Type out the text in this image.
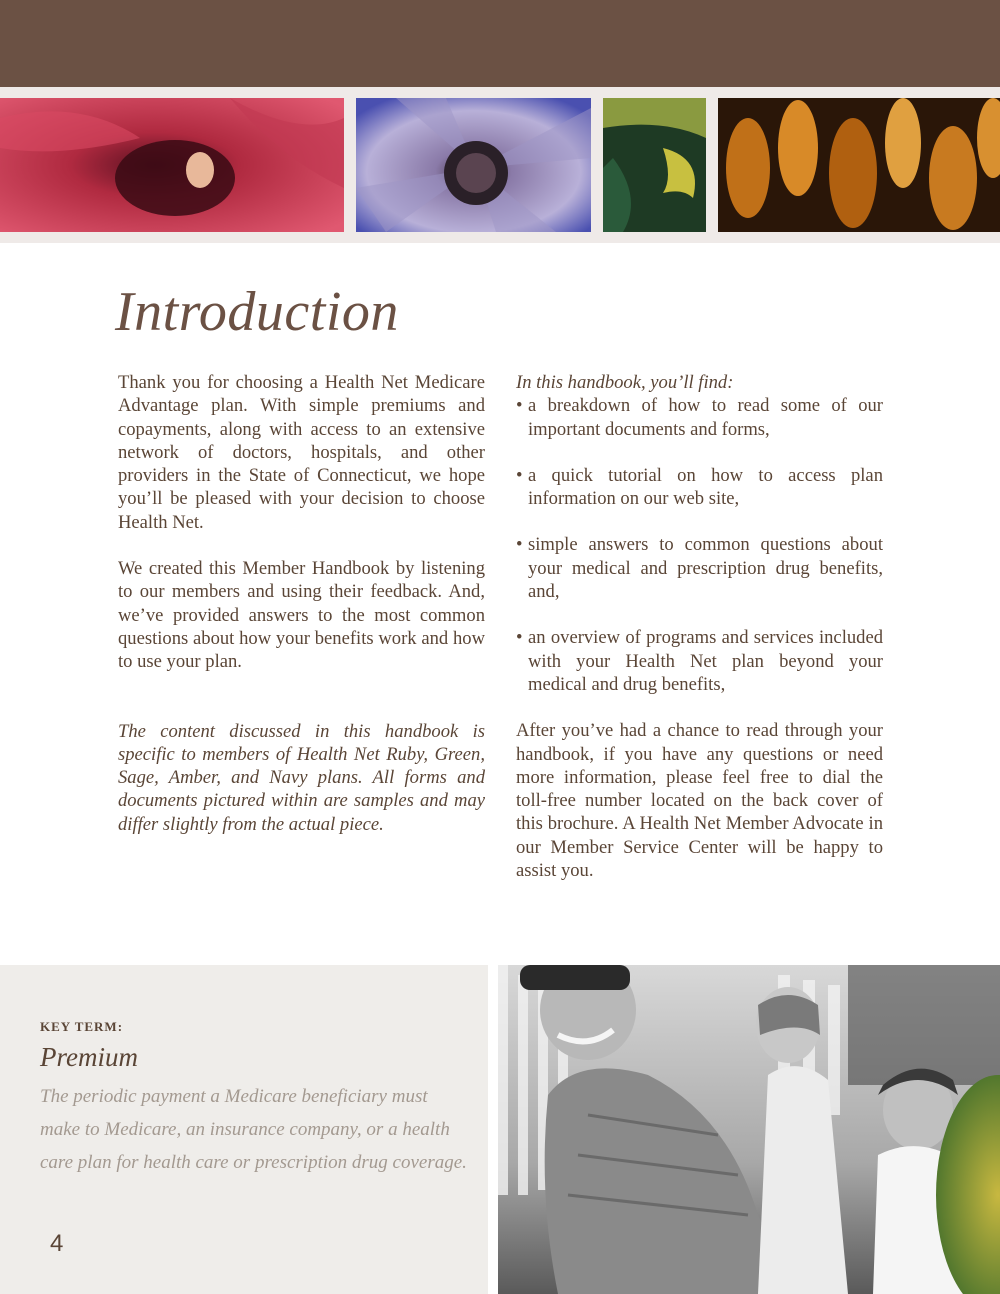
Introduction

Thank you for choosing a Health Net Medicare Advantage plan. With simple premiums and copayments, along with access to an extensive network of doctors, hospitals, and other providers in the State of Connecticut, we hope you’ll be pleased with your decision to choose Health Net.

We created this Member Handbook by listening to our members and using their feedback. And, we’ve provided answers to the most common questions about how your benefits work and how to use your plan.

The content discussed in this handbook is specific to members of Health Net Ruby, Green, Sage, Amber, and Navy plans. All forms and documents pictured within are samples and may differ slightly from the actual piece.

In this handbook, you’ll find:

• a breakdown of how to read some of our important documents and forms,
• a quick tutorial on how to access plan information on our web site,
• simple answers to common questions about your medical and prescription drug benefits, and,
• an overview of programs and services included with your Health Net plan beyond your medical and drug benefits,

After you’ve had a chance to read through your handbook, if you have any questions or need more information, please feel free to dial the toll-free number located on the back cover of this brochure. A Health Net Member Advocate in our Member Service Center will be happy to assist you.

KEY TERM:
Premium
The periodic payment a Medicare beneficiary must make to Medicare, an insurance company, or a health care plan for health care or prescription drug coverage.
4
